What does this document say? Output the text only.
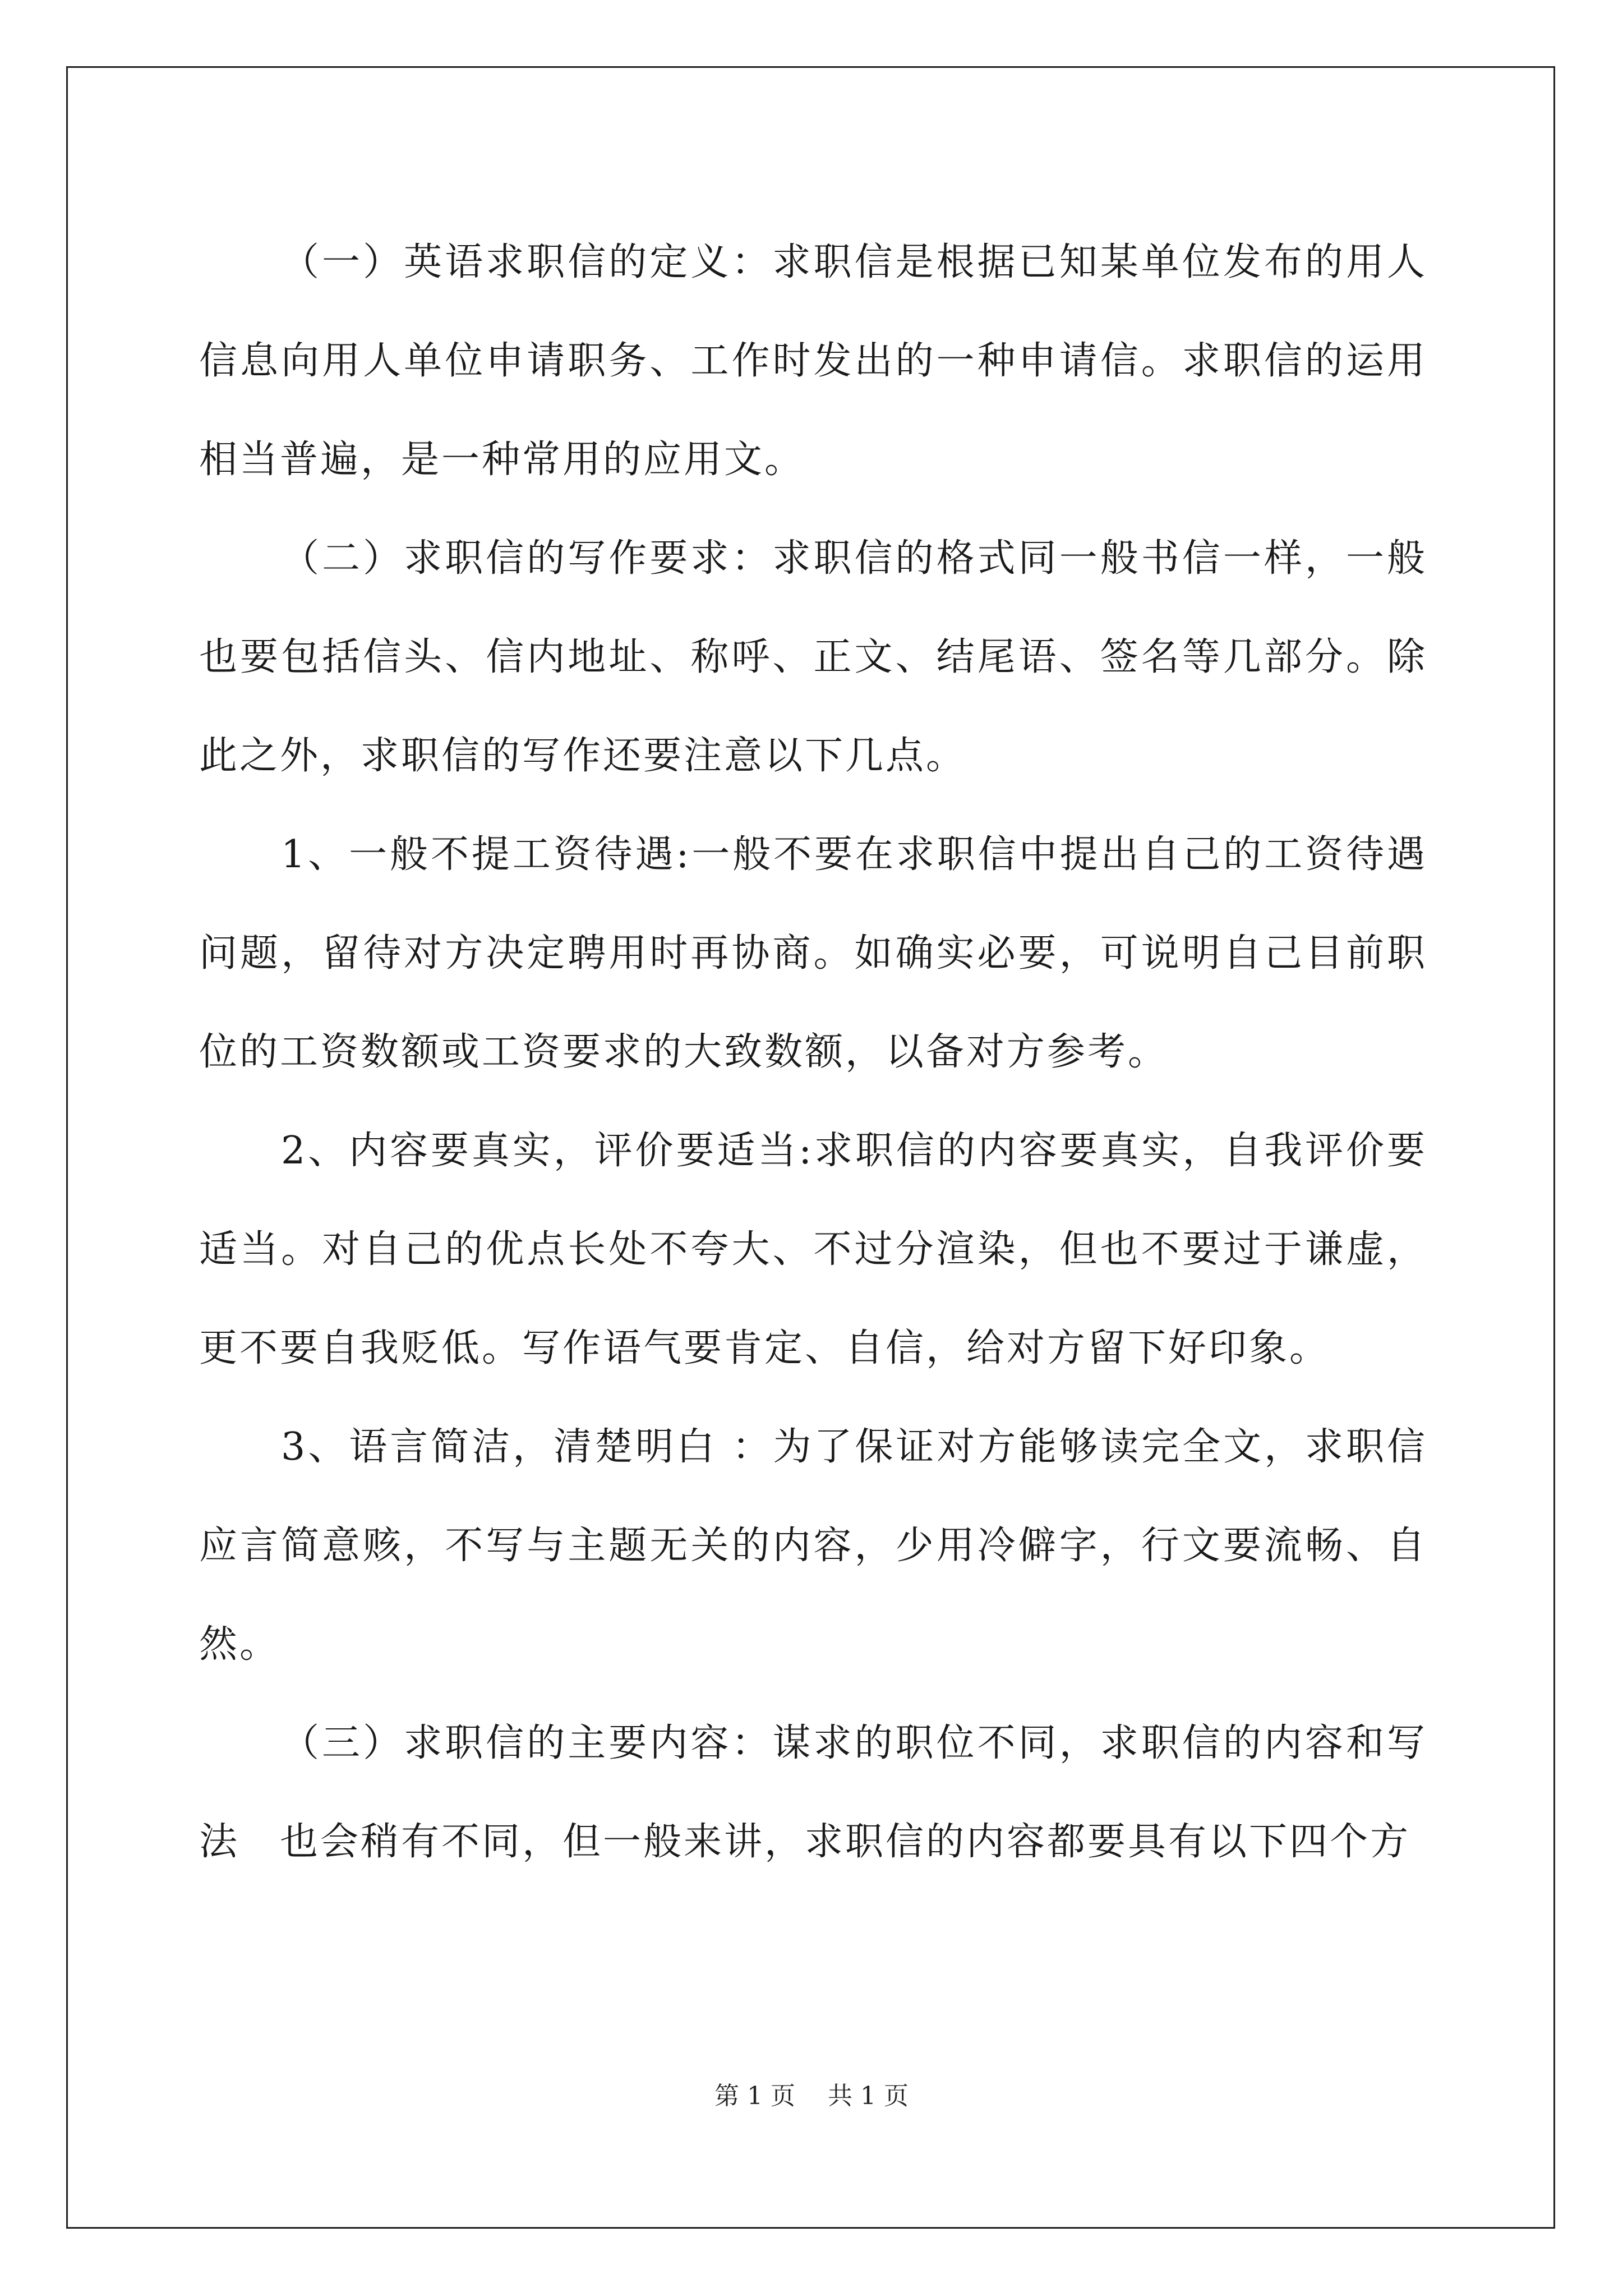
（一）英语求职信的定义：求职信是根据已知某单位发布的用人信息向用人单位申请职务、工作时发出的一种申请信。求职信的运用相当普遍，是一种常用的应用文。

（二）求职信的写作要求：求职信的格式同一般书信一样，一般也要包括信头、信内地址、称呼、正文、结尾语、签名等几部分。除此之外，求职信的写作还要注意以下几点。

1、一般不提工资待遇:一般不要在求职信中提出自己的工资待遇问题，留待对方决定聘用时再协商。如确实必要，可说明自己目前职位的工资数额或工资要求的大致数额，以备对方参考。

2、内容要真实，评价要适当:求职信的内容要真实，自我评价要适当。对自己的优点长处不夸大、不过分渲染，但也不要过于谦虚，更不要自我贬低。写作语气要肯定、自信，给对方留下好印象。

3、语言简洁，清楚明白 ：为了保证对方能够读完全文，求职信应言简意赅，不写与主题无关的内容，少用冷僻字，行文要流畅、自然。

（三）求职信的主要内容：谋求的职位不同，求职信的内容和写法　也会稍有不同，但一般来讲，求职信的内容都要具有以下四个方

第 1 页　 共 1 页
